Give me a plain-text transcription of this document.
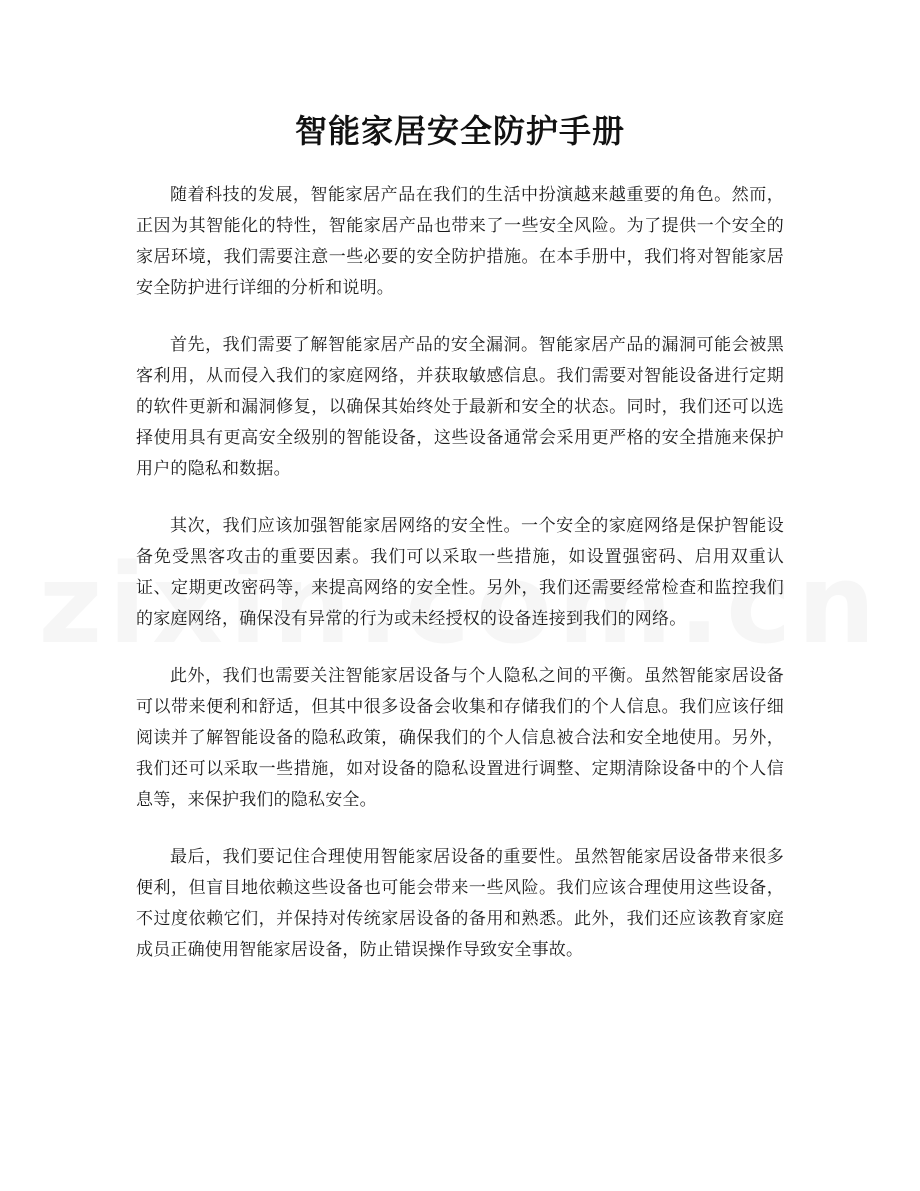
智能家居安全防护手册

随着科技的发展，智能家居产品在我们的生活中扮演越来越重要的角色。然而，正因为其智能化的特性，智能家居产品也带来了一些安全风险。为了提供一个安全的家居环境，我们需要注意一些必要的安全防护措施。在本手册中，我们将对智能家居安全防护进行详细的分析和说明。

首先，我们需要了解智能家居产品的安全漏洞。智能家居产品的漏洞可能会被黑客利用，从而侵入我们的家庭网络，并获取敏感信息。我们需要对智能设备进行定期的软件更新和漏洞修复，以确保其始终处于最新和安全的状态。同时，我们还可以选择使用具有更高安全级别的智能设备，这些设备通常会采用更严格的安全措施来保护用户的隐私和数据。

其次，我们应该加强智能家居网络的安全性。一个安全的家庭网络是保护智能设备免受黑客攻击的重要因素。我们可以采取一些措施，如设置强密码、启用双重认证、定期更改密码等，来提高网络的安全性。另外，我们还需要经常检查和监控我们的家庭网络，确保没有异常的行为或未经授权的设备连接到我们的网络。

此外，我们也需要关注智能家居设备与个人隐私之间的平衡。虽然智能家居设备可以带来便利和舒适，但其中很多设备会收集和存储我们的个人信息。我们应该仔细阅读并了解智能设备的隐私政策，确保我们的个人信息被合法和安全地使用。另外，我们还可以采取一些措施，如对设备的隐私设置进行调整、定期清除设备中的个人信息等，来保护我们的隐私安全。

最后，我们要记住合理使用智能家居设备的重要性。虽然智能家居设备带来很多便利，但盲目地依赖这些设备也可能会带来一些风险。我们应该合理使用这些设备，不过度依赖它们，并保持对传统家居设备的备用和熟悉。此外，我们还应该教育家庭成员正确使用智能家居设备，防止错误操作导致安全事故。
